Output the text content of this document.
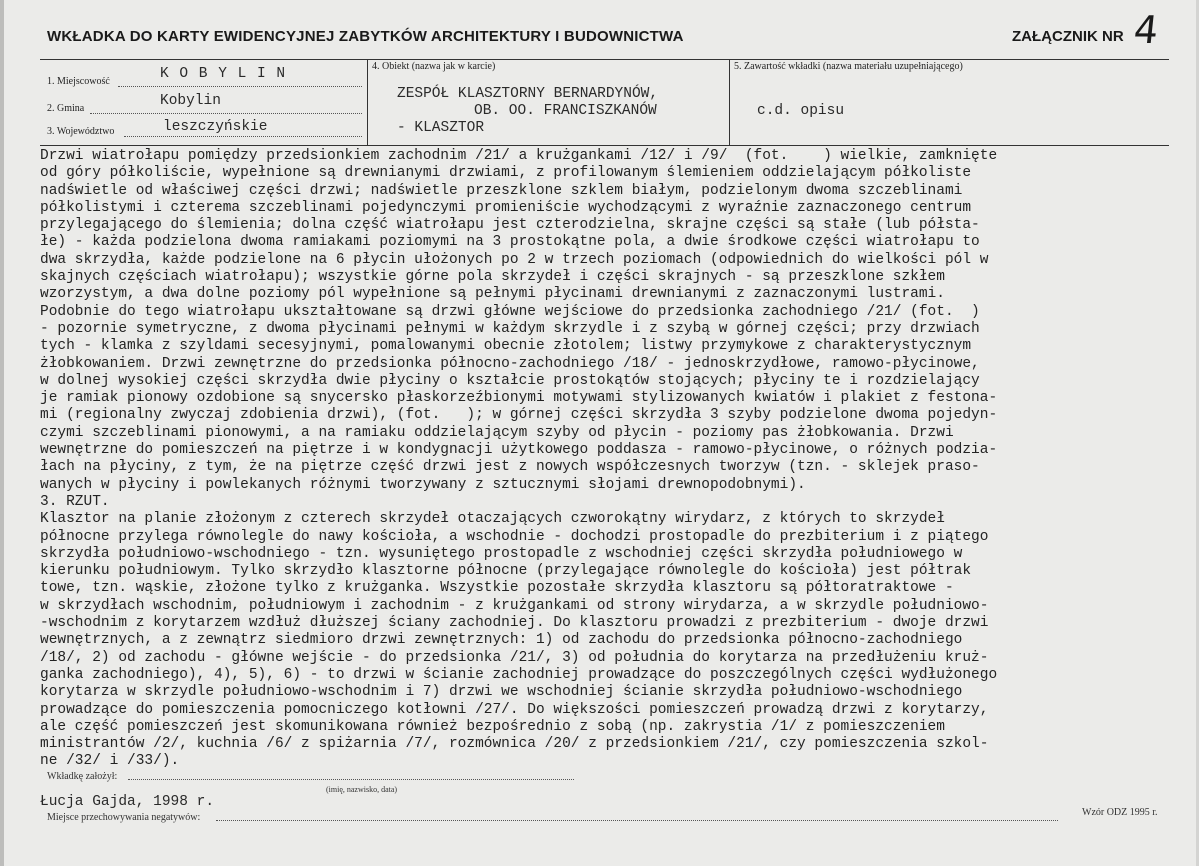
WKŁADKA DO KARTY EWIDENCYJNEJ ZABYTKÓW ARCHITEKTURY I BUDOWNICTWA	ZAŁĄCZNIK NR 4
1. Miejscowość	K O B Y L I N
2. Gmina	Kobylin
3. Województwo	leszczyńskie
4. Obiekt (nazwa jak w karcie)
ZESPÓŁ KLASZTORNY BERNARDYNÓW,
OB. OO. FRANCISZKANÓW
- KLASZTOR
5. Zawartość wkładki (nazwa materiału uzupełniającego)
c.d. opisu
Drzwi wiatrołapu pomiędzy przedsionkiem zachodnim /21/ a krużgankami /12/ i /9/  (fot.    ) wielkie, zamknięte
od góry półkoliście, wypełnione są drewnianymi drzwiami, z profilowanym ślemieniem oddzielającym półkoliste
nadświetle od właściwej części drzwi; nadświetle przeszklone szklem białym, podzielonym dwoma szczeblinami
półkolistymi i czterema szczeblinami pojedynczymi promieniście wychodzącymi z wyraźnie zaznaczonego centrum
przylegającego do ślemienia; dolna część wiatrołapu jest czterodzielna, skrajne części są stałe (lub półsta-
łe) - każda podzielona dwoma ramiakami poziomymi na 3 prostokątne pola, a dwie środkowe części wiatrołapu to
dwa skrzydła, każde podzielone na 6 płycin ułożonych po 2 w trzech poziomach (odpowiednich do wielkości pól w
skajnych częściach wiatrołapu); wszystkie górne pola skrzydeł i części skrajnych - są przeszklone szkłem
wzorzystym, a dwa dolne poziomy pól wypełnione są pełnymi płycinami drewnianymi z zaznaczonymi lustrami.
Podobnie do tego wiatrołapu ukształtowane są drzwi główne wejściowe do przedsionka zachodniego /21/ (fot.  )
- pozornie symetryczne, z dwoma płycinami pełnymi w każdym skrzydle i z szybą w górnej części; przy drzwiach
tych - klamka z szyldami secesyjnymi, pomalowanymi obecnie złotolem; listwy przymykowe z charakterystycznym
żłobkowaniem. Drzwi zewnętrzne do przedsionka północno-zachodniego /18/ - jednoskrzydłowe, ramowo-płycinowe,
w dolnej wysokiej części skrzydła dwie płyciny o kształcie prostokątów stojących; płyciny te i rozdzielający
je ramiak pionowy ozdobione są snycersko płaskorzeźbionymi motywami stylizowanych kwiatów i plakiet z festona-
mi (regionalny zwyczaj zdobienia drzwi), (fot.   ); w górnej części skrzydła 3 szyby podzielone dwoma pojedyn-
czymi szczeblinami pionowymi, a na ramiaku oddzielającym szyby od płycin - poziomy pas żłobkowania. Drzwi
wewnętrzne do pomieszczeń na piętrze i w kondygnacji użytkowego poddasza - ramowo-płycinowe, o różnych podzia-
łach na płyciny, z tym, że na piętrze część drzwi jest z nowych współczesnych tworzyw (tzn. - sklejek praso-
wanych w płyciny i powlekanych różnymi tworzywany z sztucznymi słojami drewnopodobnymi).
3. RZUT.
Klasztor na planie złożonym z czterech skrzydeł otaczających czworokątny wirydarz, z których to skrzydeł
północne przylega równolegle do nawy kościoła, a wschodnie - dochodzi prostopadle do prezbiterium i z piątego
skrzydła południowo-wschodniego - tzn. wysuniętego prostopadle z wschodniej części skrzydła południowego w
kierunku południowym. Tylko skrzydło klasztorne północne (przylegające równolegle do kościoła) jest półtrak
towe, tzn. wąskie, złożone tylko z krużganka. Wszystkie pozostałe skrzydła klasztoru są półtoratraktowe -
w skrzydłach wschodnim, południowym i zachodnim - z krużgankami od strony wirydarza, a w skrzydle południowo-
-wschodnim z korytarzem wzdłuż dłuższej ściany zachodniej. Do klasztoru prowadzi z prezbiterium - dwoje drzwi
wewnętrznych, a z zewnątrz siedmioro drzwi zewnętrznych: 1) od zachodu do przedsionka północno-zachodniego
/18/, 2) od zachodu - główne wejście - do przedsionka /21/, 3) od południa do korytarza na przedłużeniu kruż-
ganka zachodniego), 4), 5), 6) - to drzwi w ścianie zachodniej prowadzące do poszczególnych części wydłużonego
korytarza w skrzydle południowo-wschodnim i 7) drzwi we wschodniej ścianie skrzydła południowo-wschodniego
prowadzące do pomieszczenia pomocniczego kotłowni /27/. Do większości pomieszczeń prowadzą drzwi z korytarzy,
ale część pomieszczeń jest skomunikowana również bezpośrednio z sobą (np. zakrystia /1/ z pomieszczeniem
ministrantów /2/, kuchnia /6/ z spiżarnia /7/, rozmównica /20/ z przedsionkiem /21/, czy pomieszczenia szkol-
ne /32/ i /33/).
Wkładkę założył:
(imię, nazwisko, data)
Łucja Gajda, 1998 r.
Miejsce przechowywania negatywów:	Wzór ODZ 1995 r.
